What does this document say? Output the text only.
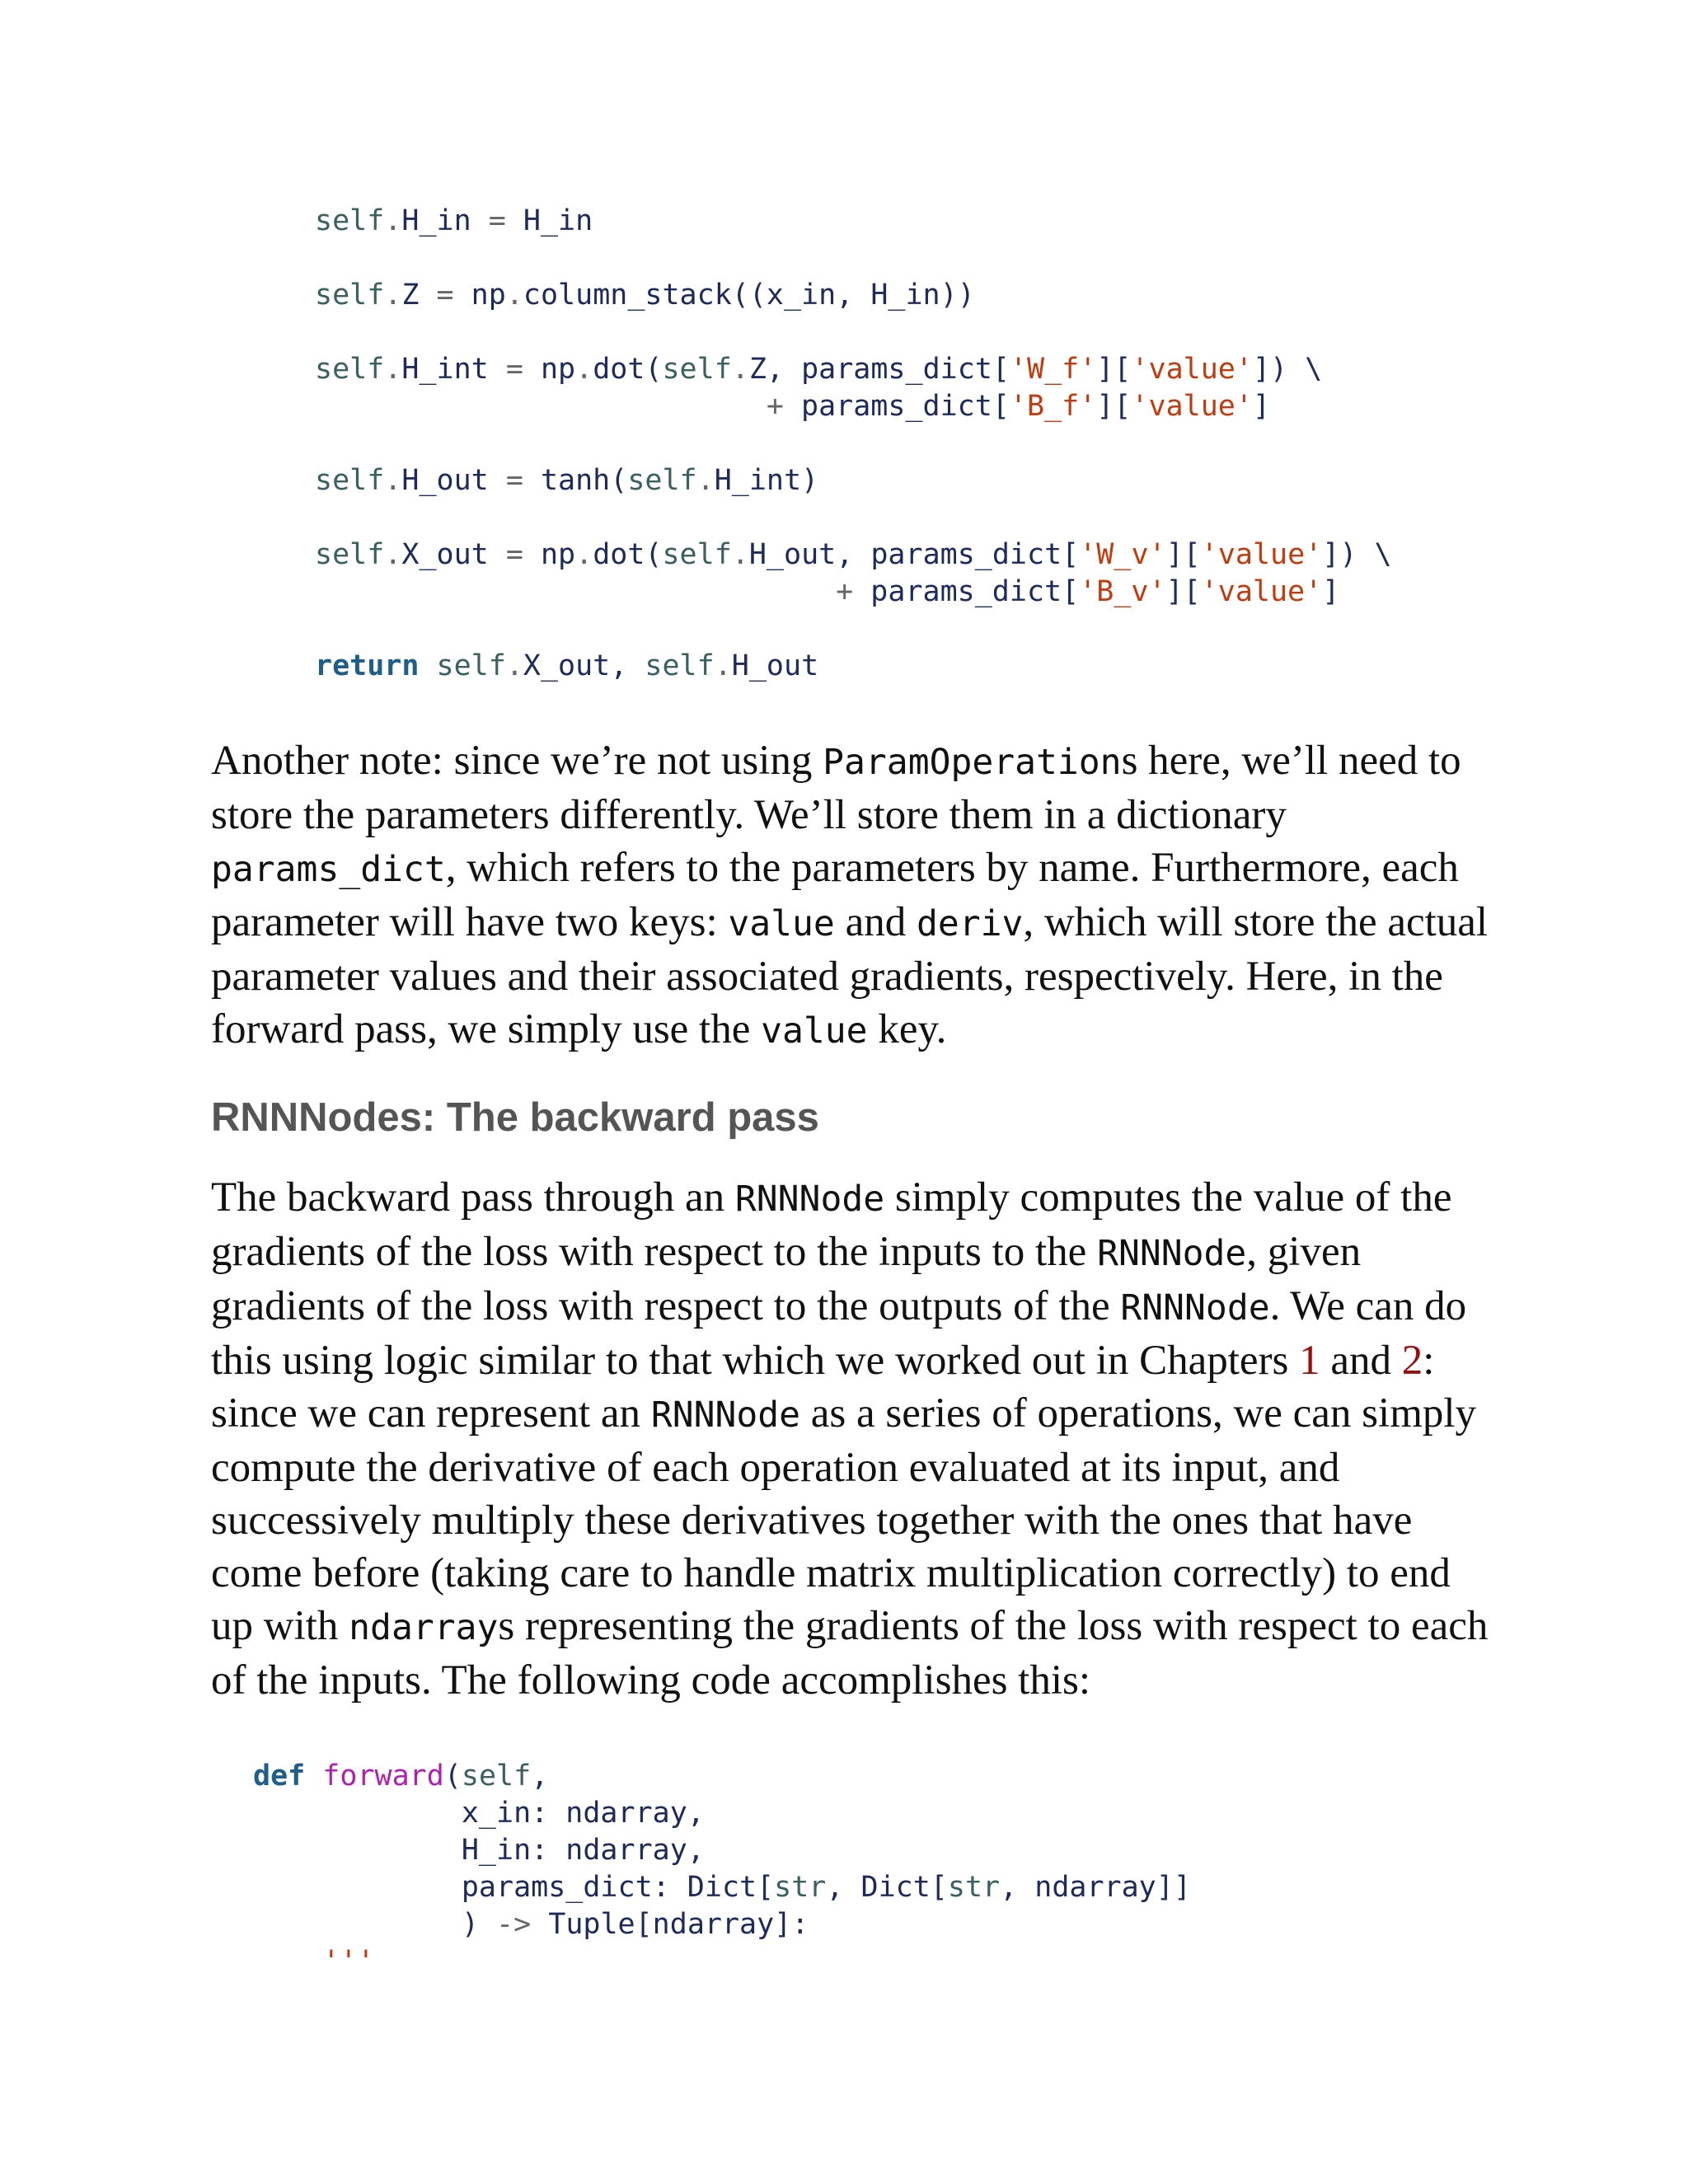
self.H_in = H_in
self.Z = np.column_stack((x_in, H_in))
self.H_int = np.dot(self.Z, params_dict['W_f']['value']) \
+ params_dict['B_f']['value']
self.H_out = tanh(self.H_int)
self.X_out = np.dot(self.H_out, params_dict['W_v']['value']) \
+ params_dict['B_v']['value']
return self.X_out, self.H_out

Another note: since we’re not using ParamOperations here, we’ll need to store the parameters differently. We’ll store them in a dictionary params_dict, which refers to the parameters by name. Furthermore, each parameter will have two keys: value and deriv, which will store the actual parameter values and their associated gradients, respectively. Here, in the forward pass, we simply use the value key.

RNNNodes: The backward pass

The backward pass through an RNNNode simply computes the value of the gradients of the loss with respect to the inputs to the RNNNode, given gradients of the loss with respect to the outputs of the RNNNode. We can do this using logic similar to that which we worked out in Chapters 1 and 2: since we can represent an RNNNode as a series of operations, we can simply compute the derivative of each operation evaluated at its input, and successively multiply these derivatives together with the ones that have come before (taking care to handle matrix multiplication correctly) to end up with ndarrays representing the gradients of the loss with respect to each of the inputs. The following code accomplishes this:

def forward(self,
x_in: ndarray,
H_in: ndarray,
params_dict: Dict[str, Dict[str, ndarray]]
) -> Tuple[ndarray]:
'''
